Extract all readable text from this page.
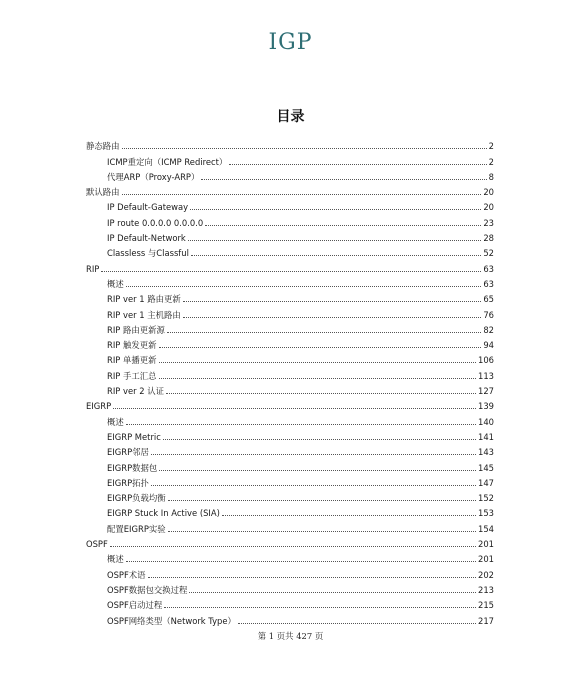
IGP
目录
静态路由	2
ICMP重定向（ICMP Redirect）	2
代理ARP（Proxy-ARP）	8
默认路由	20
IP Default-Gateway	20
IP route 0.0.0.0 0.0.0.0	23
IP Default-Network	28
Classless 与Classful	52
RIP	63
概述	63
RIP ver 1 路由更新	65
RIP ver 1 主机路由	76
RIP 路由更新源	82
RIP 触发更新	94
RIP 单播更新	106
RIP 手工汇总	113
RIP ver 2 认证	127
EIGRP	139
概述	140
EIGRP Metric	141
EIGRP邻居	143
EIGRP数据包	145
EIGRP拓扑	147
EIGRP负载均衡	152
EIGRP Stuck In Active (SIA)	153
配置EIGRP实验	154
OSPF	201
概述	201
OSPF术语	202
OSPF数据包交换过程	213
OSPF启动过程	215
OSPF网络类型（Network Type）	217
第 1 页共 427 页
